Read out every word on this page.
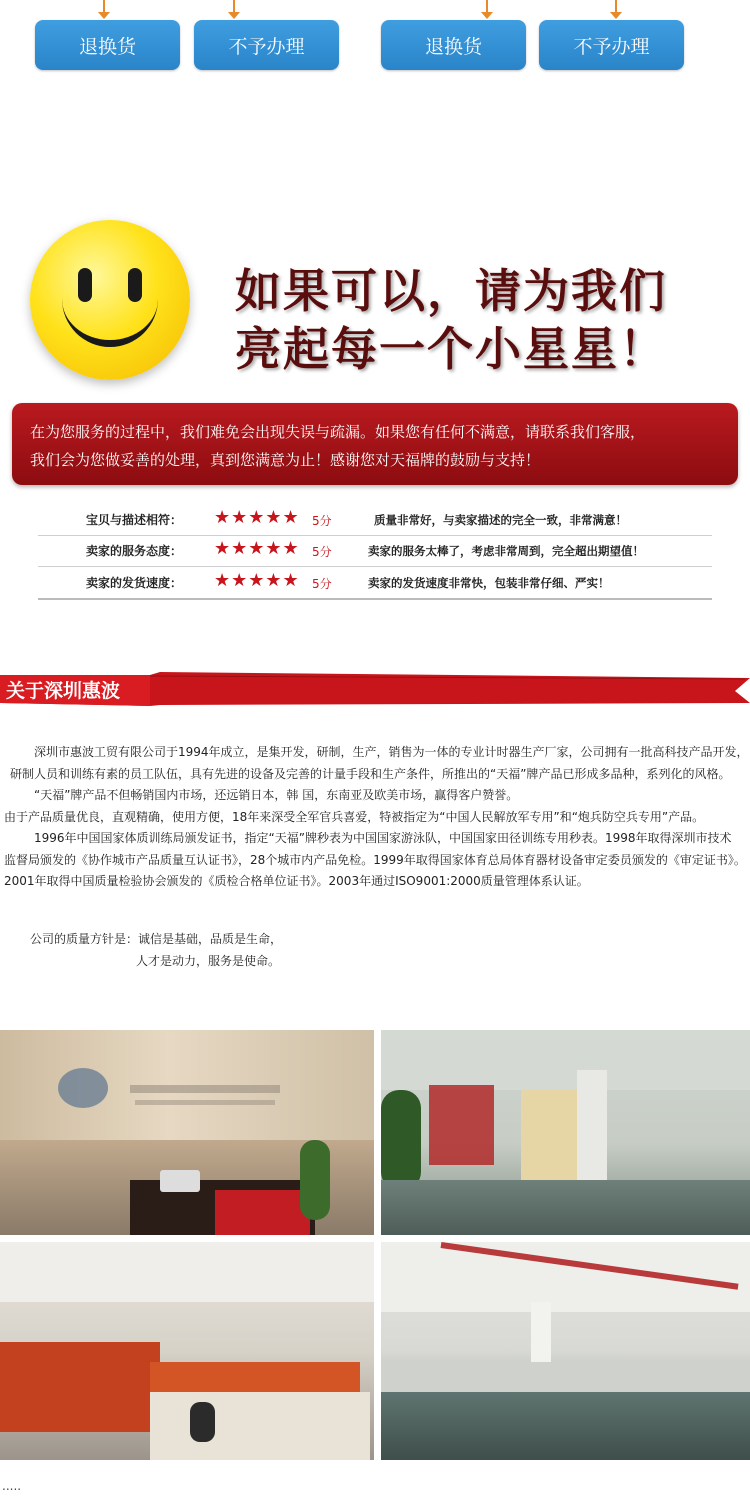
退换货	不予办理	退换货	不予办理
如果可以，请为我们
亮起每一个小星星！

在为您服务的过程中，我们难免会出现失误与疏漏。如果您有任何不满意，请联系我们客服，

我们会为您做妥善的处理，真到您满意为止！感谢您对天福牌的鼓励与支持！

宝贝与描述相符： ★★★★★ 5分	质量非常好，与卖家描述的完全一致，非常满意！
卖家的服务态度： ★★★★★ 5分	卖家的服务太棒了，考虑非常周到，完全超出期望值！
卖家的发货速度： ★★★★★ 5分	卖家的发货速度非常快，包装非常仔细、严实！
关于深圳惠波
深圳市惠波工贸有限公司于1994年成立，是集开发，研制，生产，销售为一体的专业计时器生产厂家，公司拥有一批高科技产品开发，
研制人员和训练有素的员工队伍，具有先进的设备及完善的计量手段和生产条件，所推出的“天福”牌产品已形成多品种，系列化的风格。
“天福”牌产品不但畅销国内市场，还远销日本，韩 国，东南亚及欧美市场，赢得客户赞誉。
由于产品质量优良，直观精确，使用方便，18年来深受全军官兵喜爱，特被指定为“中国人民解放军专用”和“炮兵防空兵专用”产品。
1996年中国国家体质训练局颁发证书，指定“天福”牌秒表为中国国家游泳队，中国国家田径训练专用秒表。1998年取得深圳市技术
监督局颁发的《协作城市产品质量互认证书》，28个城市内产品免检。1999年取得国家体育总局体育器材设备审定委员颁发的《审定证书》。
2001年取得中国质量检验协会颁发的《质检合格单位证书》。2003年通过ISO9001:2000质量管理体系认证。
公司的质量方针是：诚信是基础，品质是生命，
人才是动力，服务是使命。
.....
